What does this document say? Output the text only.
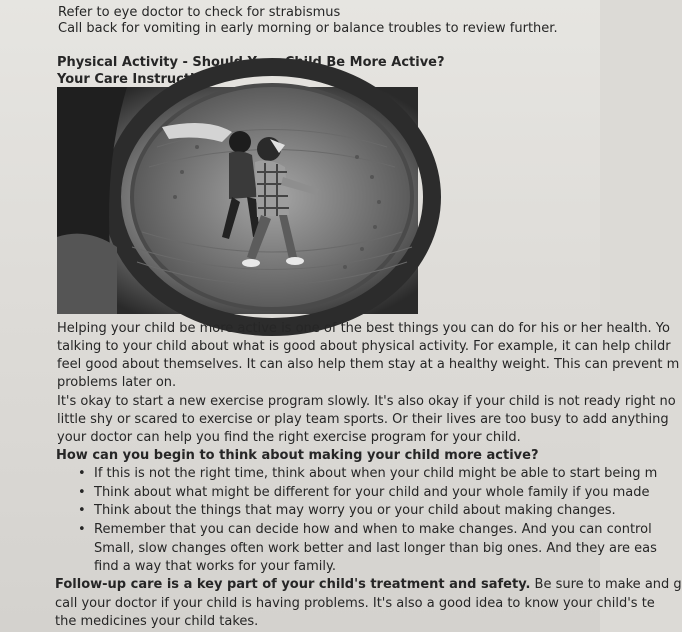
Refer to eye doctor to check for strabismus
Call back for vomiting in early morning or balance troubles to review further.
Physical Activity - Should Your Child Be More Active?
Your Care Instructions
Helping your child be more active is one of the best things you can do for his or her health. Yo
talking to your child about what is good about physical activity. For example, it can help childr
feel good about themselves. It can also help them stay at a healthy weight. This can prevent m
problems later on.
It's okay to start a new exercise program slowly. It's also okay if your child is not ready right no
little shy or scared to exercise or play team sports. Or their lives are too busy to add anything
your doctor can help you find the right exercise program for your child.
How can you begin to think about making your child more active?
• If this is not the right time, think about when your child might be able to start being m
• Think about what might be different for your child and your whole family if you made
• Think about the things that may worry you or your child about making changes.
• Remember that you can decide how and when to make changes. And you can control
Small, slow changes often work better and last longer than big ones. And they are eas
find a way that works for your family.
Follow-up care is a key part of your child's treatment and safety. Be sure to make and g
call your doctor if your child is having problems. It's also a good idea to know your child's te
the medicines your child takes.
